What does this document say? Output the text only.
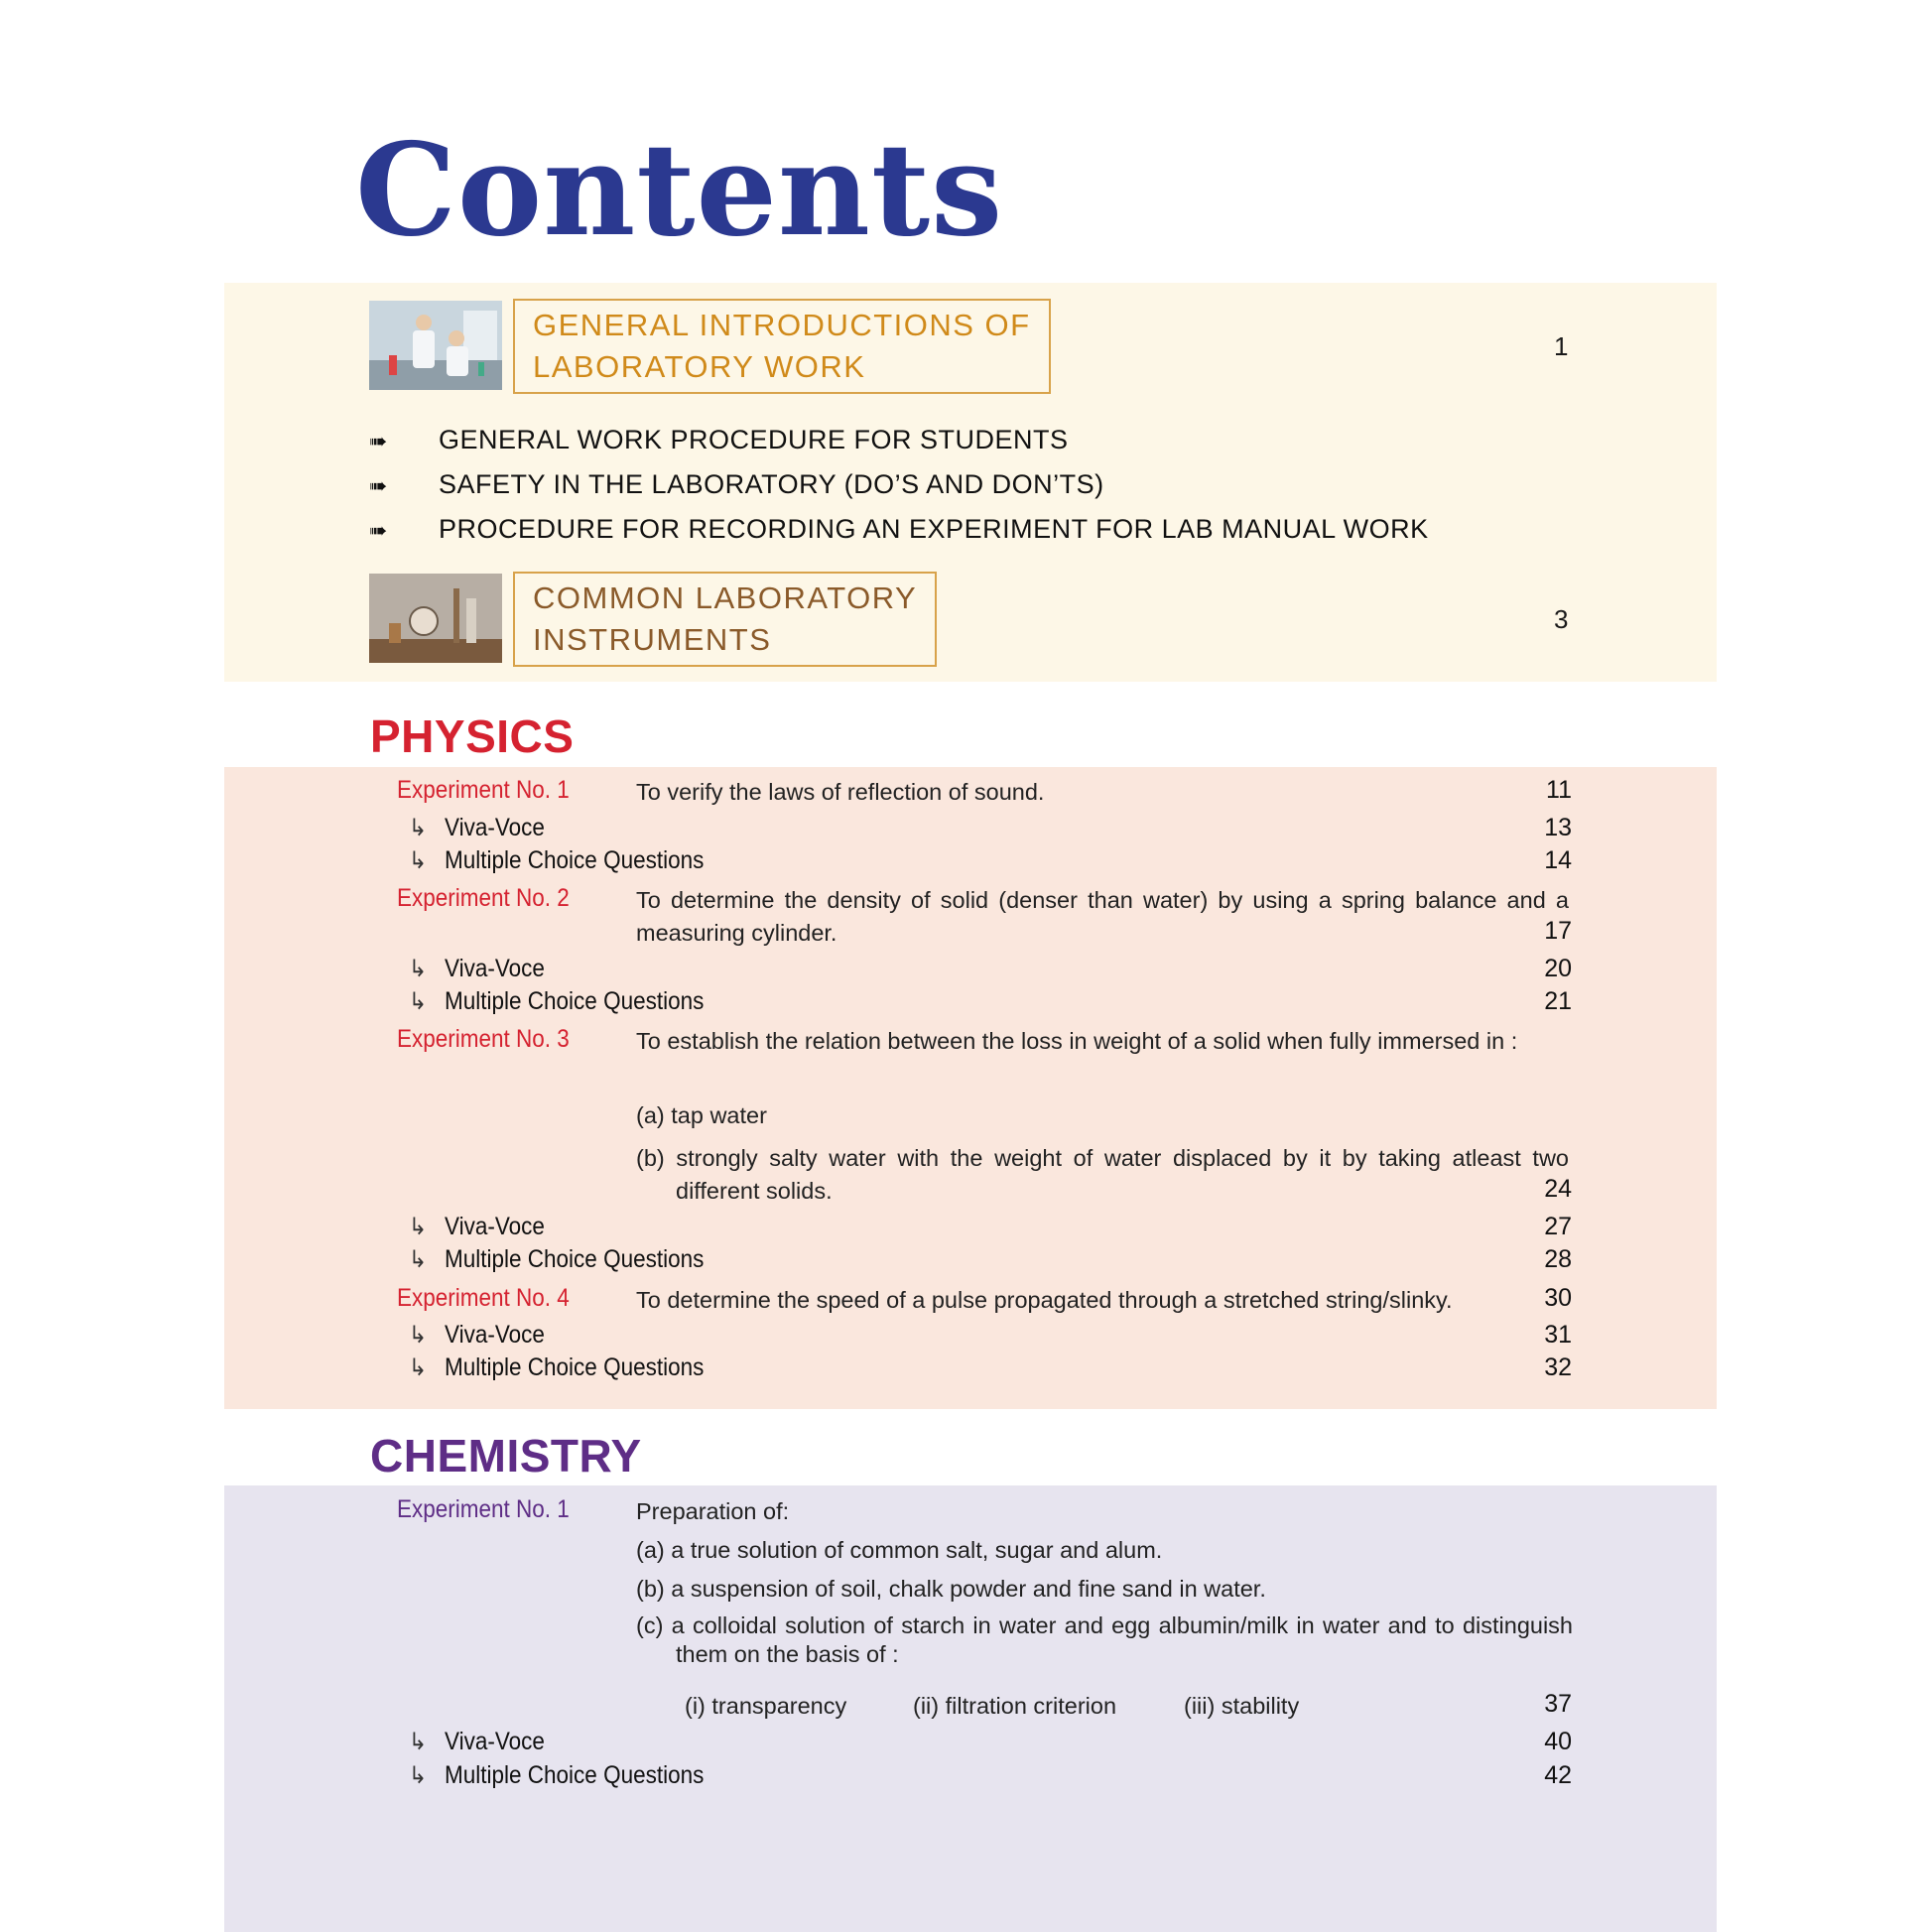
Contents
GENERAL INTRODUCTIONS OF
LABORATORY WORK
1
➠ GENERAL WORK PROCEDURE FOR STUDENTS
➠ SAFETY IN THE LABORATORY (DO’S AND DON’TS)
➠ PROCEDURE FOR RECORDING AN EXPERIMENT FOR LAB MANUAL WORK
COMMON LABORATORY
INSTRUMENTS
3
PHYSICS
Experiment No. 1	To verify the laws of reflection of sound.	11
↳ Viva-Voce	13
↳ Multiple Choice Questions	14
Experiment No. 2	To determine the density of solid (denser than water) by using a spring balance and a measuring cylinder.	17
↳ Viva-Voce	20
↳ Multiple Choice Questions	21
Experiment No. 3	To establish the relation between the loss in weight of a solid when fully immersed in :
(a) tap water
(b) strongly salty water with the weight of water displaced by it by taking atleast two different solids.	24
↳ Viva-Voce	27
↳ Multiple Choice Questions	28
Experiment No. 4	To determine the speed of a pulse propagated through a stretched string/slinky.	30
↳ Viva-Voce	31
↳ Multiple Choice Questions	32
CHEMISTRY
Experiment No. 1	Preparation of:
(a) a true solution of common salt, sugar and alum.
(b) a suspension of soil, chalk powder and fine sand in water.
(c) a colloidal solution of starch in water and egg albumin/milk in water and to distinguish them on the basis of :
(i) transparency	(ii) filtration criterion	(iii) stability	37
↳ Viva-Voce	40
↳ Multiple Choice Questions	42
